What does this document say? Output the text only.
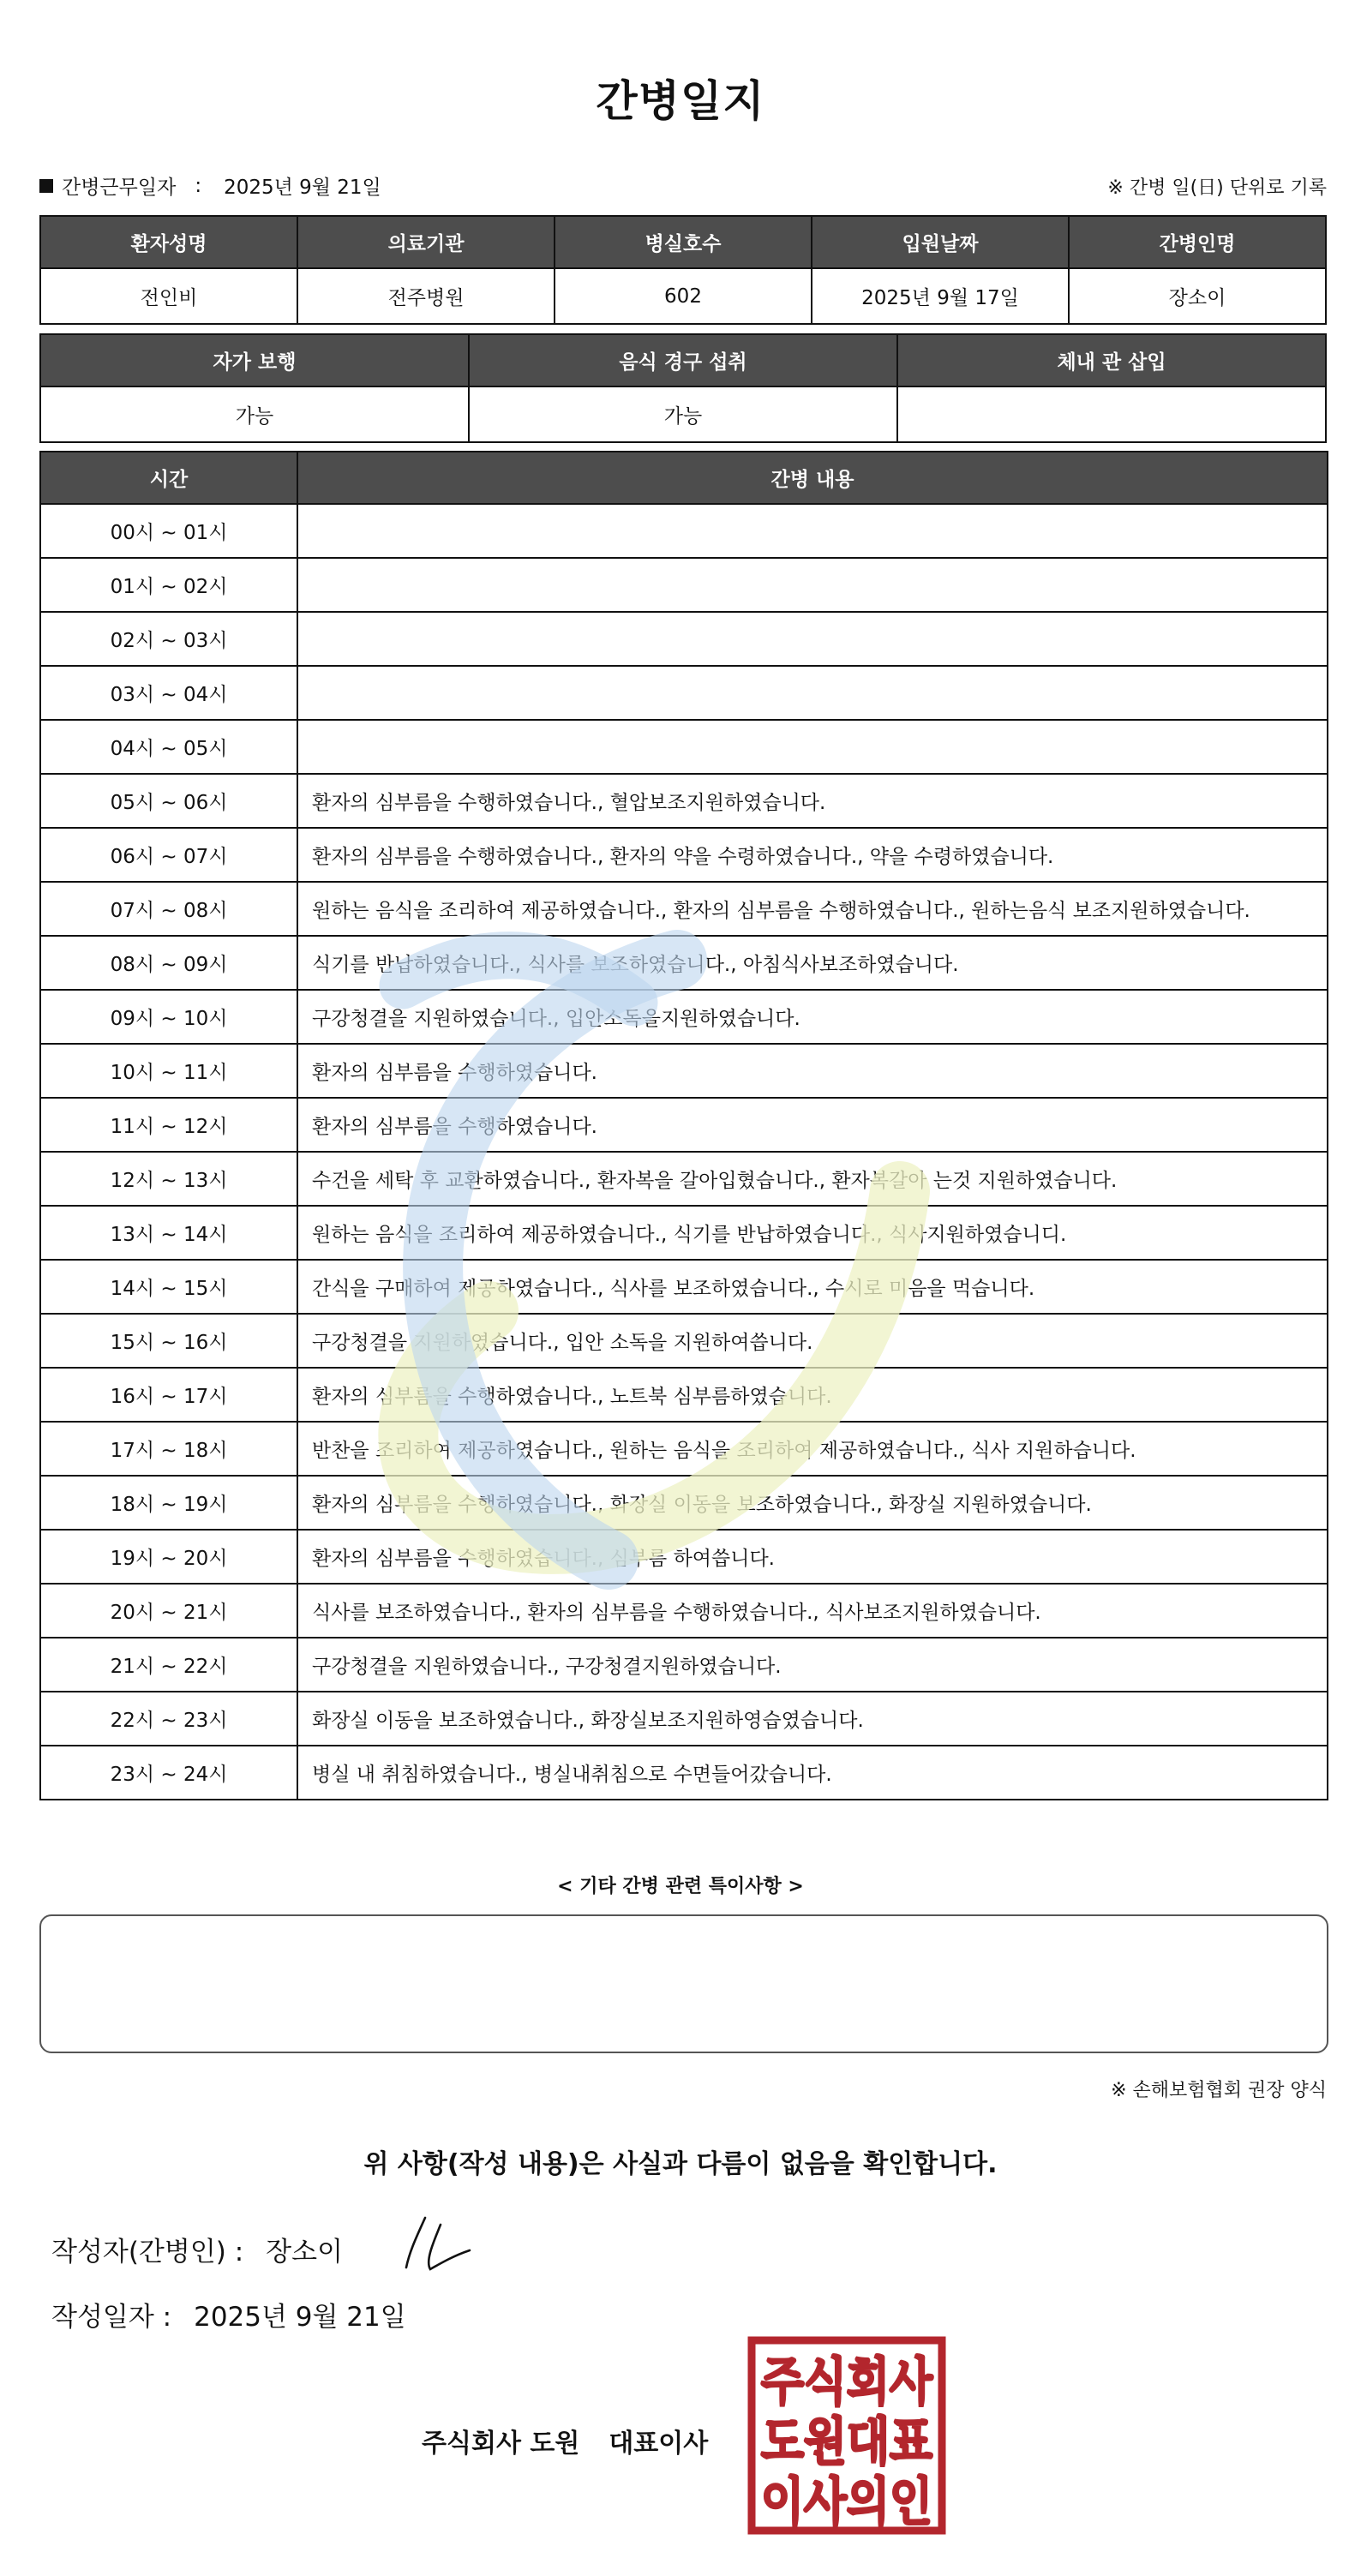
간병일지
간병근무일자 : 2025년 9월 21일	※ 간병 일(日) 단위로 기록
환자성명	의료기관	병실호수	입원날짜	간병인명
전인비	전주병원	602	2025년 9월 17일	장소이
자가 보행	음식 경구 섭취	체내 관 삽입
가능	가능	
시간	간병 내용
00시 ~ 01시	
01시 ~ 02시	
02시 ~ 03시	
03시 ~ 04시	
04시 ~ 05시	
05시 ~ 06시	환자의 심부름을 수행하였습니다., 혈압보조지원하였습니다.
06시 ~ 07시	환자의 심부름을 수행하였습니다., 환자의 약을 수령하였습니다., 약을 수령하였습니다.
07시 ~ 08시	원하는 음식을 조리하여 제공하였습니다., 환자의 심부름을 수행하였습니다., 원하는음식 보조지원하였습니다.
08시 ~ 09시	식기를 반납하였습니다., 식사를 보조하였습니다., 아침식사보조하였습니다.
09시 ~ 10시	구강청결을 지원하였습니다., 입안소독을지원하였습니다.
10시 ~ 11시	환자의 심부름을 수행하였습니다.
11시 ~ 12시	환자의 심부름을 수행하였습니다.
12시 ~ 13시	수건을 세탁 후 교환하였습니다., 환자복을 갈아입혔습니다., 환자복갈아 는것 지원하였습니다.
13시 ~ 14시	원하는 음식을 조리하여 제공하였습니다., 식기를 반납하였습니다., 식사지원하였습니디.
14시 ~ 15시	간식을 구매하여 제공하였습니다., 식사를 보조하였습니다., 수시로 미음을 먹습니다.
15시 ~ 16시	구강청결을 지원하였습니다., 입안 소독을 지원하여씁니다.
16시 ~ 17시	환자의 심부름을 수행하였습니다., 노트북 심부름하였습니다.
17시 ~ 18시	반찬을 조리하여 제공하였습니다., 원하는 음식을 조리하여 제공하였습니다., 식사 지원하습니다.
18시 ~ 19시	환자의 심부름을 수행하였습니다., 화장실 이동을 보조하였습니다., 화장실 지원하였습니다.
19시 ~ 20시	환자의 심부름을 수행하였습니다., 심부름 하여씁니다.
20시 ~ 21시	식사를 보조하였습니다., 환자의 심부름을 수행하였습니다., 식사보조지원하였습니다.
21시 ~ 22시	구강청결을 지원하였습니다., 구강청결지원하였습니다.
22시 ~ 23시	화장실 이동을 보조하였습니다., 화장실보조지원하영습였습니다.
23시 ~ 24시	병실 내 취침하였습니다., 병실내취침으로 수면들어갔습니다.
< 기타 간병 관련 특이사항 >
※ 손해보험협회 권장 양식
위 사항(작성 내용)은 사실과 다름이 없음을 확인합니다.
작성자(간병인) : 장소이
작성일자 : 2025년 9월 21일
주식회사 도원 대표이사
주식회사
도원대표
이사의인
